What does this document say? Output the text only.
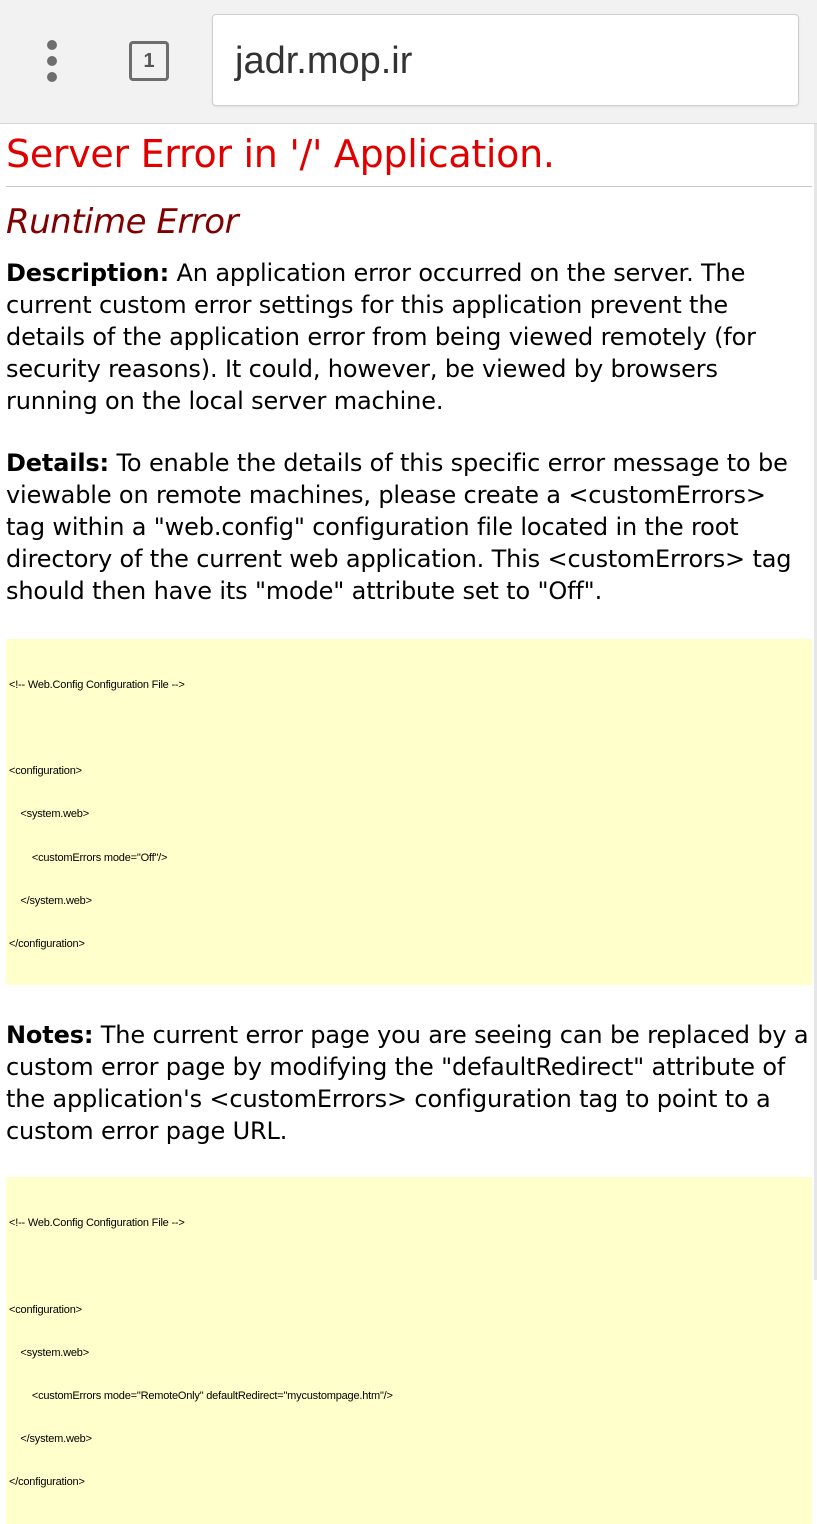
1	jadr.mop.ir
Server Error in '/' Application.
Runtime Error

Description: An application error occurred on the server. The current custom error settings for this application prevent the details of the application error from being viewed remotely (for security reasons). It could, however, be viewed by browsers running on the local server machine.

Details: To enable the details of this specific error message to be viewable on remote machines, please create a <customErrors> tag within a "web.config" configuration file located in the root directory of the current web application. This <customErrors> tag should then have its "mode" attribute set to "Off".

<!-- Web.Config Configuration File -->

<configuration>

<system.web>

<customErrors mode="Off"/>

</system.web>

</configuration>

Notes: The current error page you are seeing can be replaced by a custom error page by modifying the "defaultRedirect" attribute of the application's <customErrors> configuration tag to point to a custom error page URL.

<!-- Web.Config Configuration File -->

<configuration>

<system.web>

<customErrors mode="RemoteOnly" defaultRedirect="mycustompage.htm"/>

</system.web>

</configuration>
